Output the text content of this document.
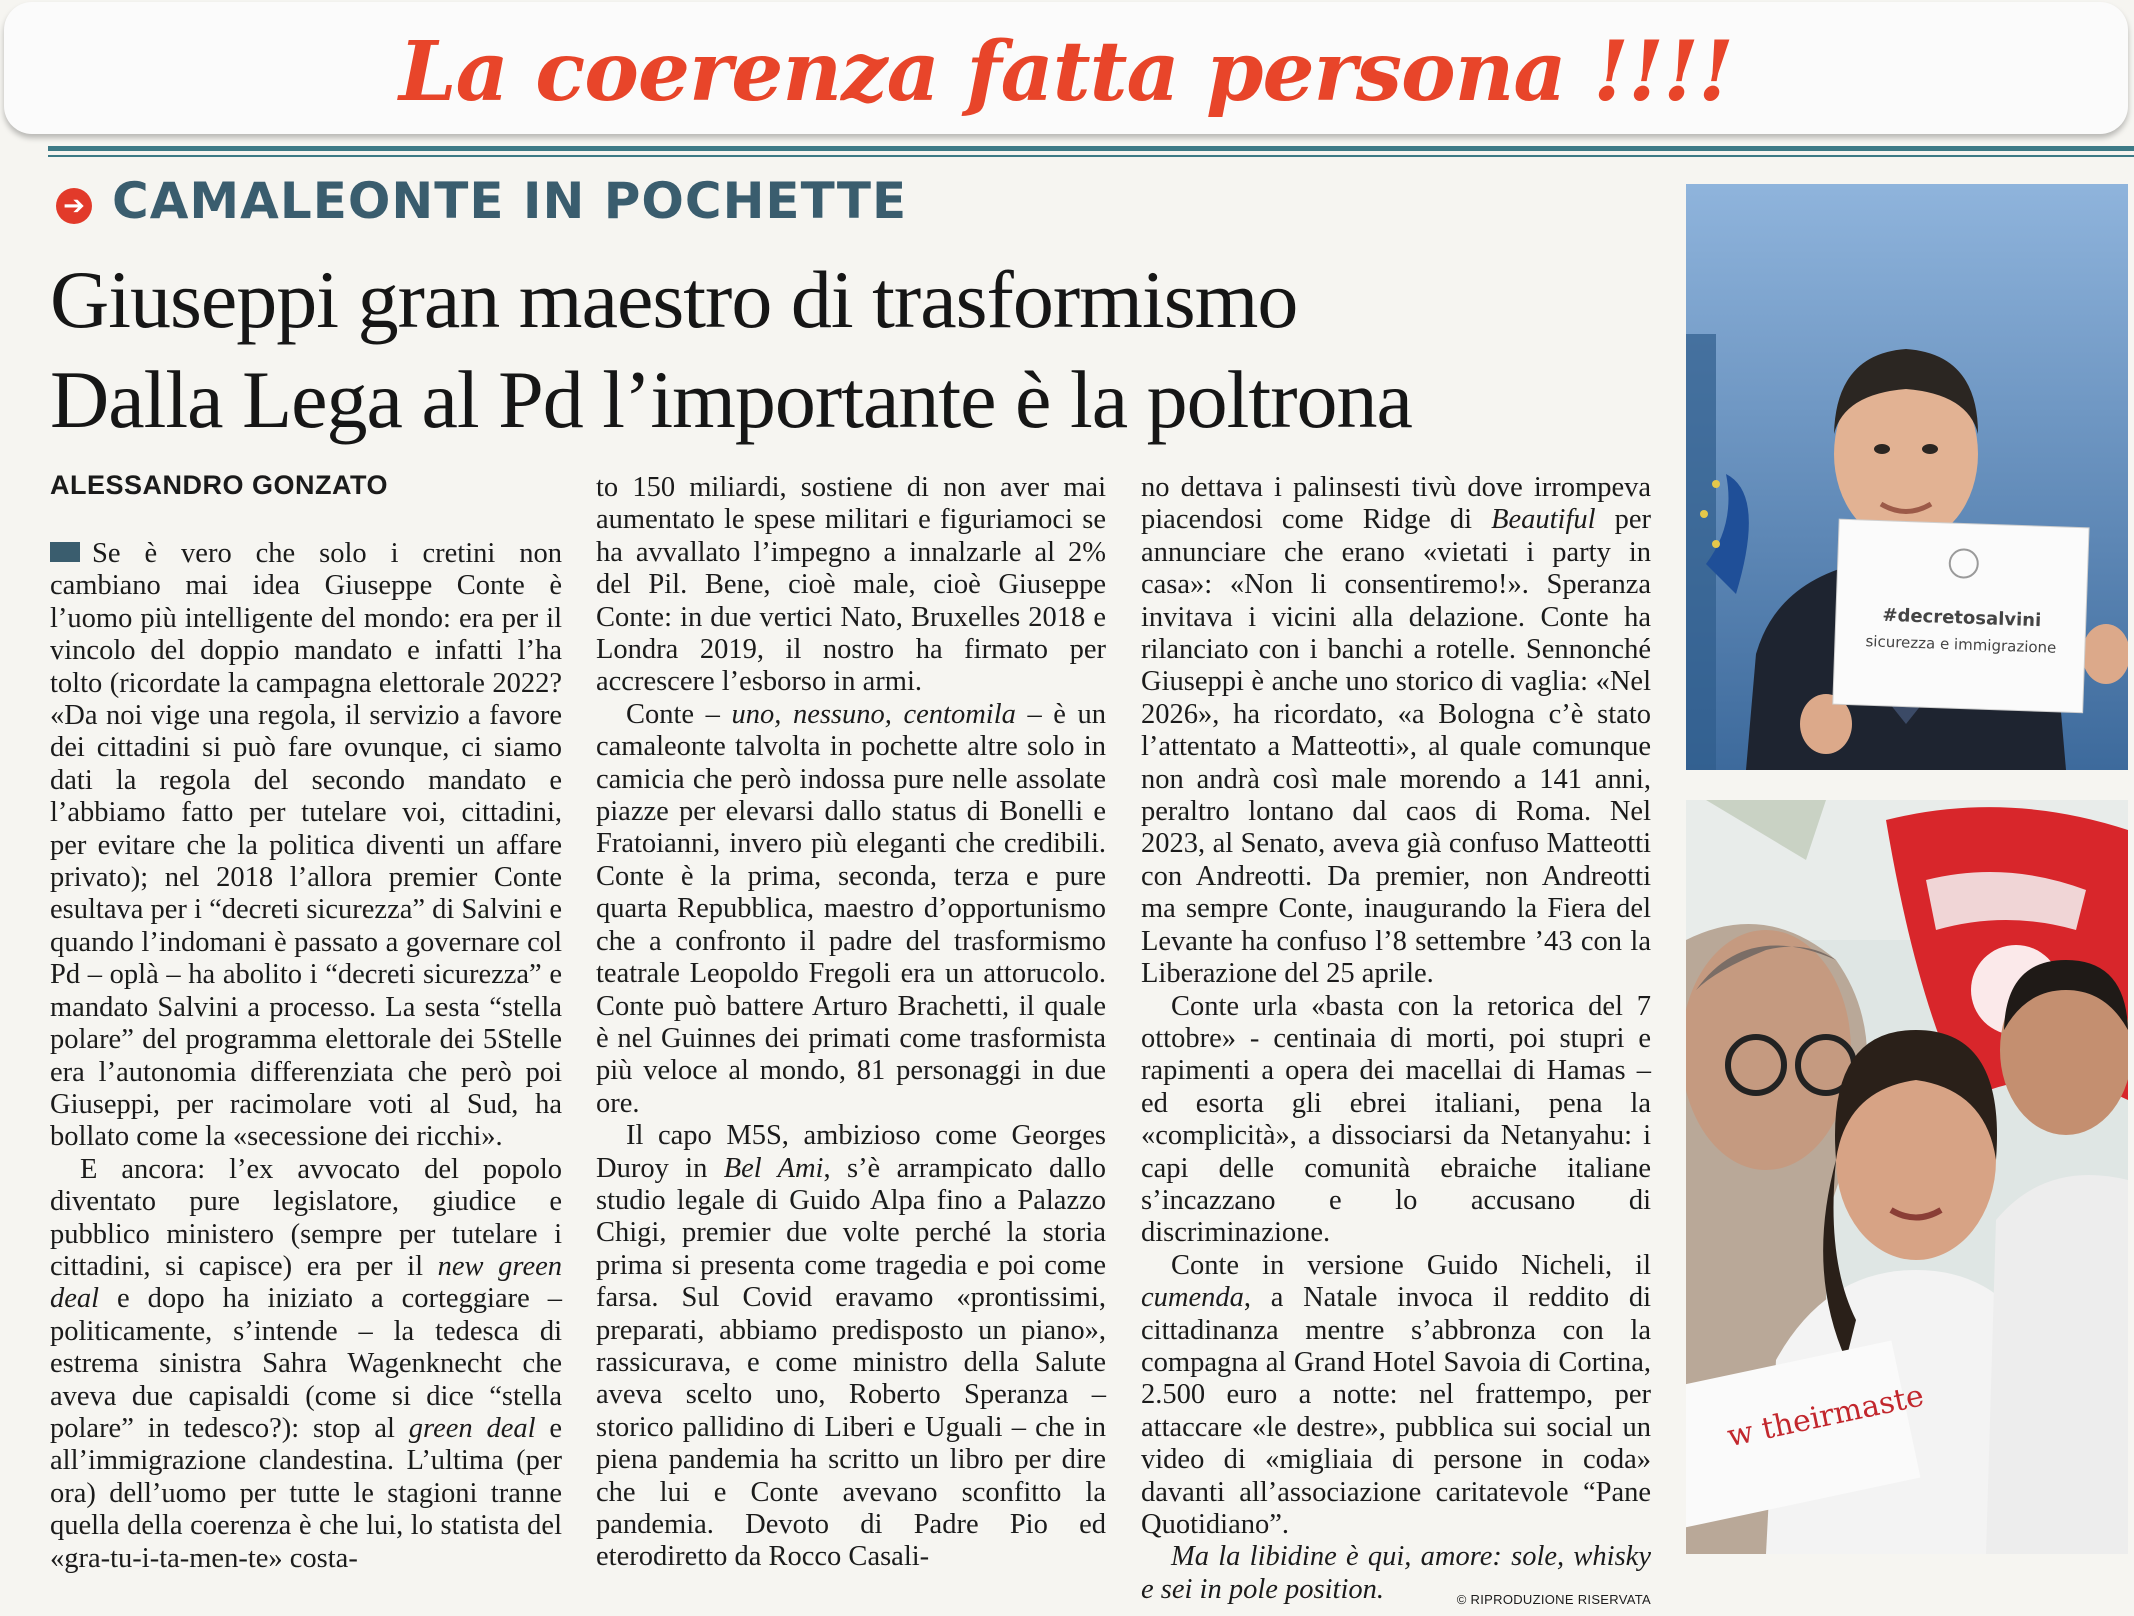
La coerenza fatta persona !!!!
➔ CAMALEONTE IN POCHETTE
Giuseppi gran maestro di trasformismo
Dalla Lega al Pd l’importante è la poltrona
ALESSANDRO GONZATO

Se è vero che solo i cretini non cambiano mai idea Giuseppe Conte è l’uomo più intelligente del mondo: era per il vincolo del doppio mandato e infatti l’ha tolto (ricordate la campagna elettorale 2022? «Da noi vige una regola, il servizio a favore dei cittadini si può fare ovunque, ci siamo dati la regola del secondo mandato e l’abbiamo fatto per tutelare voi, cittadini, per evitare che la politica diventi un affare privato); nel 2018 l’allora premier Conte esultava per i “decreti sicurezza” di Salvini e quando l’indomani è passato a governare col Pd – oplà – ha abolito i “decreti sicurezza” e mandato Salvini a processo. La sesta “stella polare” del programma elettorale dei 5Stelle era l’autonomia differenziata che però poi Giuseppi, per racimolare voti al Sud, ha bollato come la «secessione dei ricchi».

E ancora: l’ex avvocato del popolo diventato pure legislatore, giudice e pubblico ministero (sempre per tutelare i cittadini, si capisce) era per il new green deal e dopo ha iniziato a corteggiare – politicamente, s’intende – la tedesca di estrema sinistra Sahra Wagenknecht che aveva due capisaldi (come si dice “stella polare” in tedesco?): stop al green deal e all’immigrazione clandestina. L’ultima (per ora) dell’uomo per tutte le stagioni tranne quella della coerenza è che lui, lo statista del «gra-tu-i-ta-men-te» costa-

to 150 miliardi, sostiene di non aver mai aumentato le spese militari e figuriamoci se ha avvallato l’impegno a innalzarle al 2% del Pil. Bene, cioè male, cioè Giuseppe Conte: in due vertici Nato, Bruxelles 2018 e Londra 2019, il nostro ha firmato per accrescere l’esborso in armi.

Conte – uno, nessuno, centomila – è un camaleonte talvolta in pochette altre solo in camicia che però indossa pure nelle assolate piazze per elevarsi dallo status di Bonelli e Fratoianni, invero più eleganti che credibili. Conte è la prima, seconda, terza e pure quarta Repubblica, maestro d’opportunismo che a confronto il padre del trasformismo teatrale Leopoldo Fregoli era un attorucolo. Conte può battere Arturo Brachetti, il quale è nel Guinnes dei primati come trasformista più veloce al mondo, 81 personaggi in due ore.

Il capo M5S, ambizioso come Georges Duroy in Bel Ami, s’è arrampicato dallo studio legale di Guido Alpa fino a Palazzo Chigi, premier due volte perché la storia prima si presenta come tragedia e poi come farsa. Sul Covid eravamo «prontissimi, preparati, abbiamo predisposto un piano», rassicurava, e come ministro della Salute aveva scelto uno, Roberto Speranza – storico pallidino di Liberi e Uguali – che in piena pandemia ha scritto un libro per dire che lui e Conte avevano sconfitto la pandemia. Devoto di Padre Pio ed eterodiretto da Rocco Casali-

no dettava i palinsesti tivù dove irrompeva piacendosi come Ridge di Beautiful per annunciare che erano «vietati i party in casa»: «Non li consentiremo!». Speranza invitava i vicini alla delazione. Conte ha rilanciato con i banchi a rotelle. Sennonché Giuseppi è anche uno storico di vaglia: «Nel 2026», ha ricordato, «a Bologna c’è stato l’attentato a Matteotti», al quale comunque non andrà così male morendo a 141 anni, peraltro lontano dal caos di Roma. Nel 2023, al Senato, aveva già confuso Matteotti con Andreotti. Da premier, non Andreotti ma sempre Conte, inaugurando la Fiera del Levante ha confuso l’8 settembre ’43 con la Liberazione del 25 aprile.

Conte urla «basta con la retorica del 7 ottobre» - centinaia di morti, poi stupri e rapimenti a opera dei macellai di Hamas – ed esorta gli ebrei italiani, pena la «complicità», a dissociarsi da Netanyahu: i capi delle comunità ebraiche italiane s’incazzano e lo accusano di discriminazione.

Conte in versione Guido Nicheli, il cumenda, a Natale invoca il reddito di cittadinanza mentre s’abbronza con la compagna al Grand Hotel Savoia di Cortina, 2.500 euro a notte: nel frattempo, per attaccare «le destre», pubblica sui social un video di «migliaia di persone in coda» davanti all’associazione caritatevole “Pane Quotidiano”.

Ma la libidine è qui, amore: sole, whisky e sei in pole position.	© RIPRODUZIONE RISERVATA

#decretosalvini
sicurezza e immigrazione
w theirmaste
